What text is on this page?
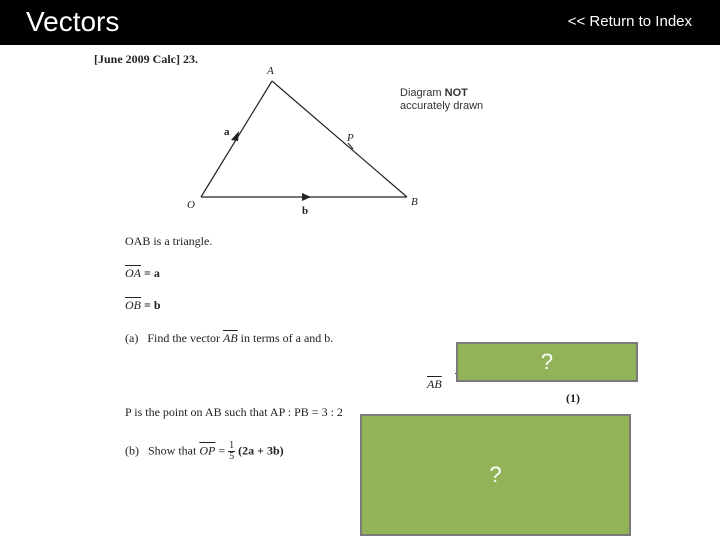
Vectors	<< Return to Index
[June 2009 Calc] 23.
A
O	B
P
a
b
Diagram NOT
accurately drawn
OAB is a triangle.
$\overline{OA} = a$
$\overline{OB} = b$
(a) Find the vector $\overline{AB}$ in terms of a and b.
$\overline{AB}$
(1)
P is the point on AB such that AP : PB = 3 : 2
(b) Show that $\overline{OP} = \frac{1}{5} (2a + 3b)$
?
?
